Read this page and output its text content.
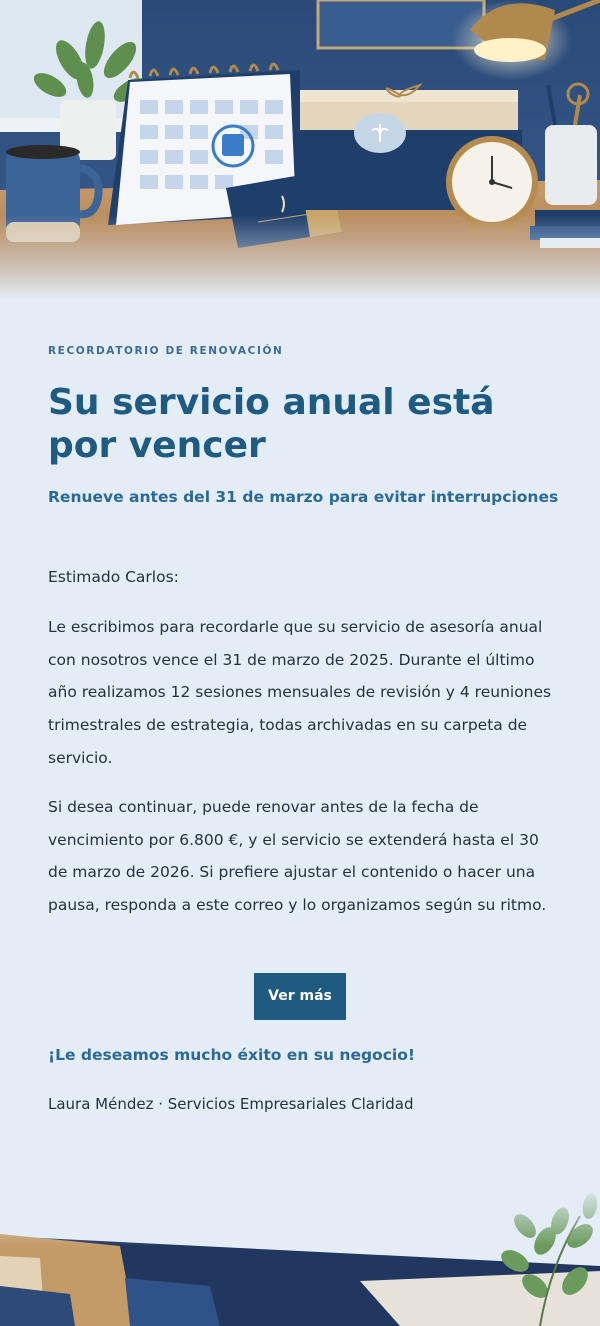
RECORDATORIO DE RENOVACIÓN
Su servicio anual está por vencer
Renueve antes del 31 de marzo para evitar interrupciones
Estimado Carlos:

Le escribimos para recordarle que su servicio de asesoría anual con nosotros vence el 31 de marzo de 2025. Durante el último año realizamos 12 sesiones mensuales de revisión y 4 reuniones trimestrales de estrategia, todas archivadas en su carpeta de servicio.

Si desea continuar, puede renovar antes de la fecha de vencimiento por 6.800 €, y el servicio se extenderá hasta el 30 de marzo de 2026. Si prefiere ajustar el contenido o hacer una pausa, responda a este correo y lo organizamos según su ritmo.

Ver más
¡Le deseamos mucho éxito en su negocio!
Laura Méndez · Servicios Empresariales Claridad
